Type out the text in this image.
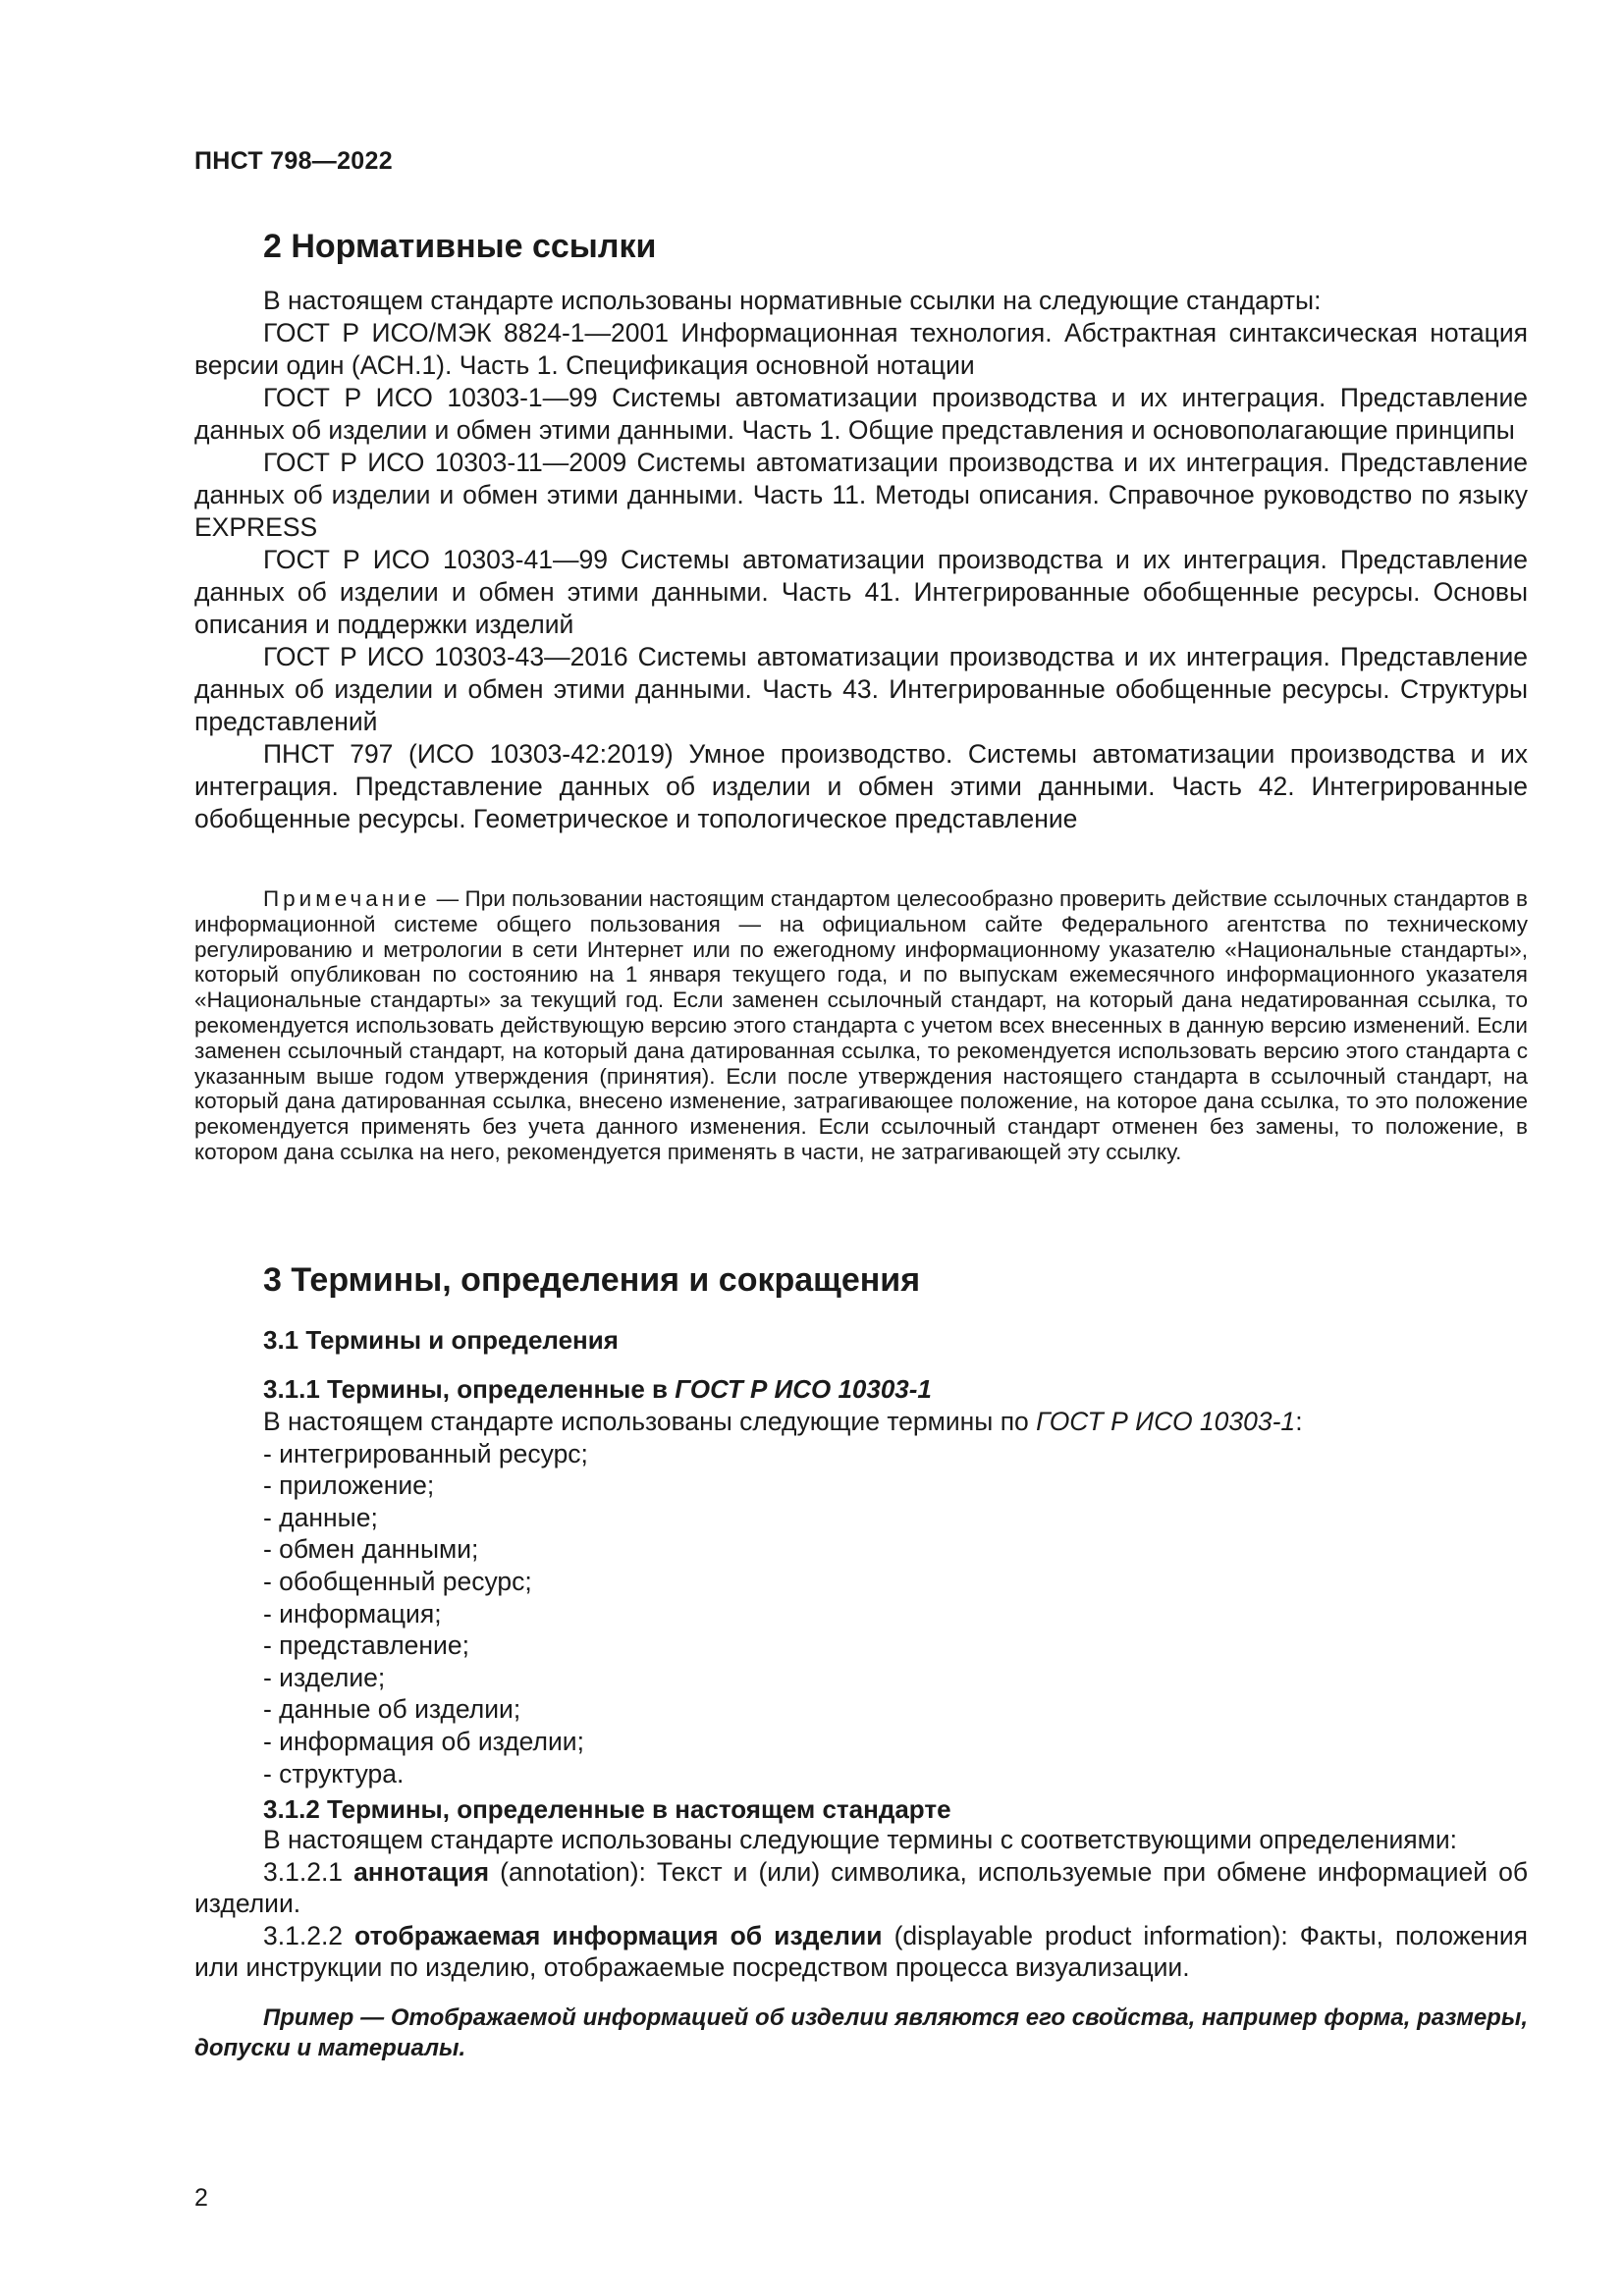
ПНСТ 798—2022
2 Нормативные ссылки

В настоящем стандарте использованы нормативные ссылки на следующие стандарты:

ГОСТ Р ИСО/МЭК 8824-1—2001 Информационная технология. Абстрактная синтаксическая нотация версии один (АСН.1). Часть 1. Спецификация основной нотации

ГОСТ Р ИСО 10303-1—99 Системы автоматизации производства и их интеграция. Представление данных об изделии и обмен этими данными. Часть 1. Общие представления и основополагающие принципы

ГОСТ Р ИСО 10303-11—2009 Системы автоматизации производства и их интеграция. Представление данных об изделии и обмен этими данными. Часть 11. Методы описания. Справочное руководство по языку EXPRESS

ГОСТ Р ИСО 10303-41—99 Системы автоматизации производства и их интеграция. Представление данных об изделии и обмен этими данными. Часть 41. Интегрированные обобщенные ресурсы. Основы описания и поддержки изделий

ГОСТ Р ИСО 10303-43—2016 Системы автоматизации производства и их интеграция. Представление данных об изделии и обмен этими данными. Часть 43. Интегрированные обобщенные ресурсы. Структуры представлений

ПНСТ 797 (ИСО 10303-42:2019) Умное производство. Системы автоматизации производства и их интеграция. Представление данных об изделии и обмен этими данными. Часть 42. Интегрированные обобщенные ресурсы. Геометрическое и топологическое представление

Примечание — При пользовании настоящим стандартом целесообразно проверить действие ссылочных стандартов в информационной системе общего пользования — на официальном сайте Федерального агентства по техническому регулированию и метрологии в сети Интернет или по ежегодному информационному указателю «Национальные стандарты», который опубликован по состоянию на 1 января текущего года, и по выпускам ежемесячного информационного указателя «Национальные стандарты» за текущий год. Если заменен ссылочный стандарт, на который дана недатированная ссылка, то рекомендуется использовать действующую версию этого стандарта с учетом всех внесенных в данную версию изменений. Если заменен ссылочный стандарт, на который дана датированная ссылка, то рекомендуется использовать версию этого стандарта с указанным выше годом утверждения (принятия). Если после утверждения настоящего стандарта в ссылочный стандарт, на который дана датированная ссылка, внесено изменение, затрагивающее положение, на которое дана ссылка, то это положение рекомендуется применять без учета данного изменения. Если ссылочный стандарт отменен без замены, то положение, в котором дана ссылка на него, рекомендуется применять в части, не затрагивающей эту ссылку.

3 Термины, определения и сокращения
3.1 Термины и определения
3.1.1 Термины, определенные в ГОСТ Р ИСО 10303-1
В настоящем стандарте использованы следующие термины по ГОСТ Р ИСО 10303-1:
- интегрированный ресурс;
- приложение;
- данные;
- обмен данными;
- обобщенный ресурс;
- информация;
- представление;
- изделие;
- данные об изделии;
- информация об изделии;
- структура.
3.1.2 Термины, определенные в настоящем стандарте

В настоящем стандарте использованы следующие термины с соответствующими определениями:

3.1.2.1 аннотация (annotation): Текст и (или) символика, используемые при обмене информацией об изделии.

3.1.2.2 отображаемая информация об изделии (displayable product information): Факты, положения или инструкции по изделию, отображаемые посредством процесса визуализации.

Пример — Отображаемой информацией об изделии являются его свойства, например форма, размеры, допуски и материалы.

2
